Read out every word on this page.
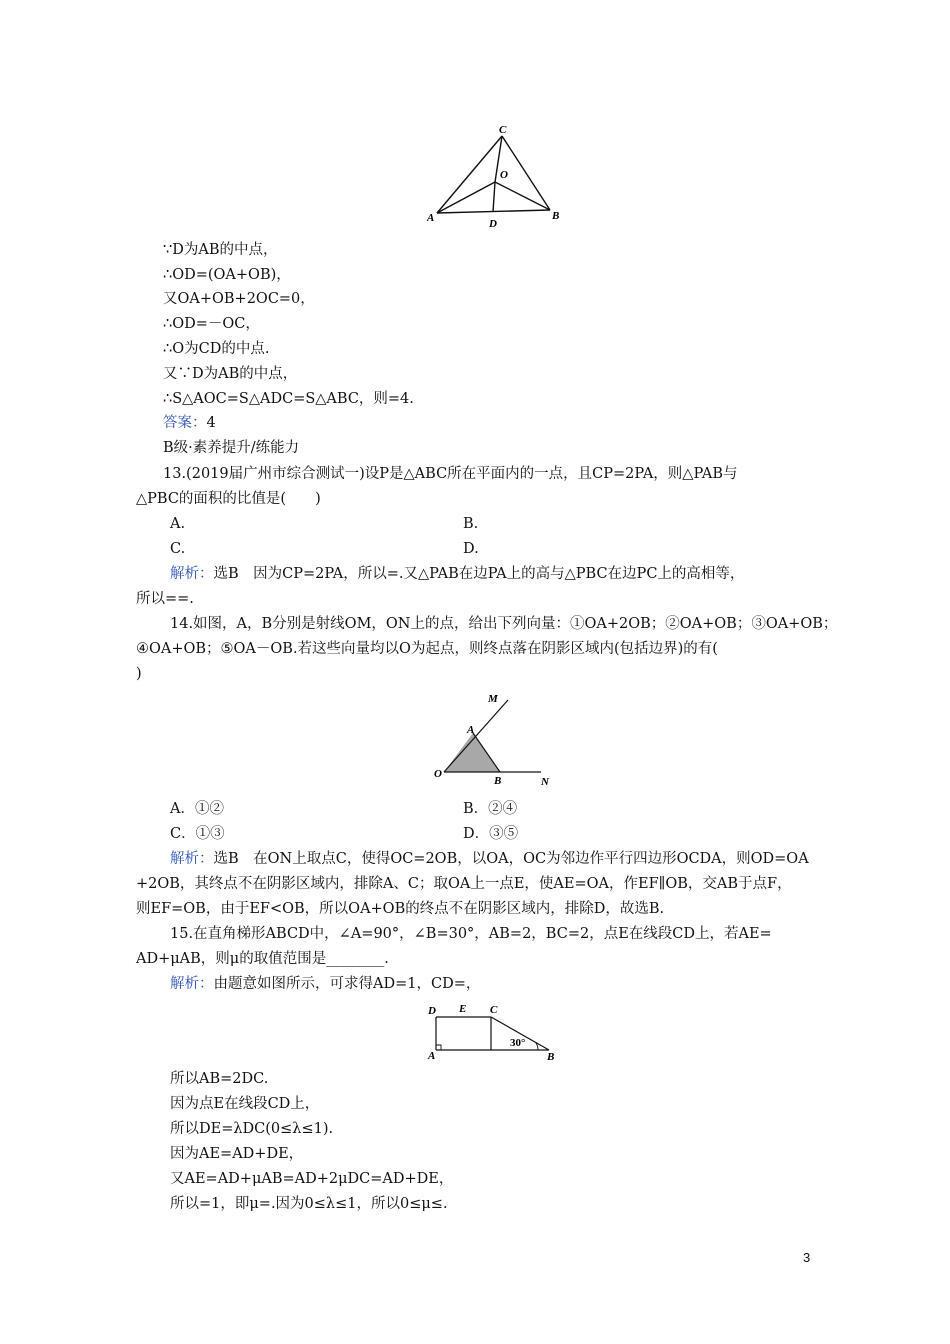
C
O
A	D
B
∵D为AB的中点，
∴OD=(OA+OB)，
又OA+OB+2OC=0，
∴OD=－OC，
∴O为CD的中点.
又∵D为AB的中点，
∴S△AOC=S△ADC=S△ABC，则=4.
答案：4
B级·素养提升/练能力
13.(2019届广州市综合测试一)设P是△ABC所在平面内的一点，且CP=2PA，则△PAB与
△PBC的面积的比值是(　　)
A.	B.
C.	D.
解析：选B　因为CP=2PA，所以=.又△PAB在边PA上的高与△PBC在边PC上的高相等，
所以==.
14.如图，A，B分别是射线OM，ON上的点，给出下列向量：①OA+2OB；②OA+OB；③OA+OB；
④OA+OB；⑤OA－OB.若这些向量均以O为起点，则终点落在阴影区域内(包括边界)的有(
)
M
A
O
B	N
A．①②	B．②④
C．①③	D．③⑤
解析：选B　在ON上取点C，使得OC=2OB，以OA，OC为邻边作平行四边形OCDA，则OD=OA
+2OB，其终点不在阴影区域内，排除A、C；取OA上一点E，使AE=OA，作EF∥OB，交AB于点F，
则EF=OB，由于EF<OB，所以OA+OB的终点不在阴影区域内，排除D，故选B.
15.在直角梯形ABCD中，∠A=90°，∠B=30°，AB=2，BC=2，点E在线段CD上，若AE=
AD+μAB，则μ的取值范围是________.
解析：由题意如图所示，可求得AD=1，CD=，
D E C
A	B
30°
所以AB=2DC.
因为点E在线段CD上，
所以DE=λDC(0≤λ≤1).
因为AE=AD+DE，
又AE=AD+μAB=AD+2μDC=AD+DE，
所以=1，即μ=.因为0≤λ≤1，所以0≤μ≤.
3
